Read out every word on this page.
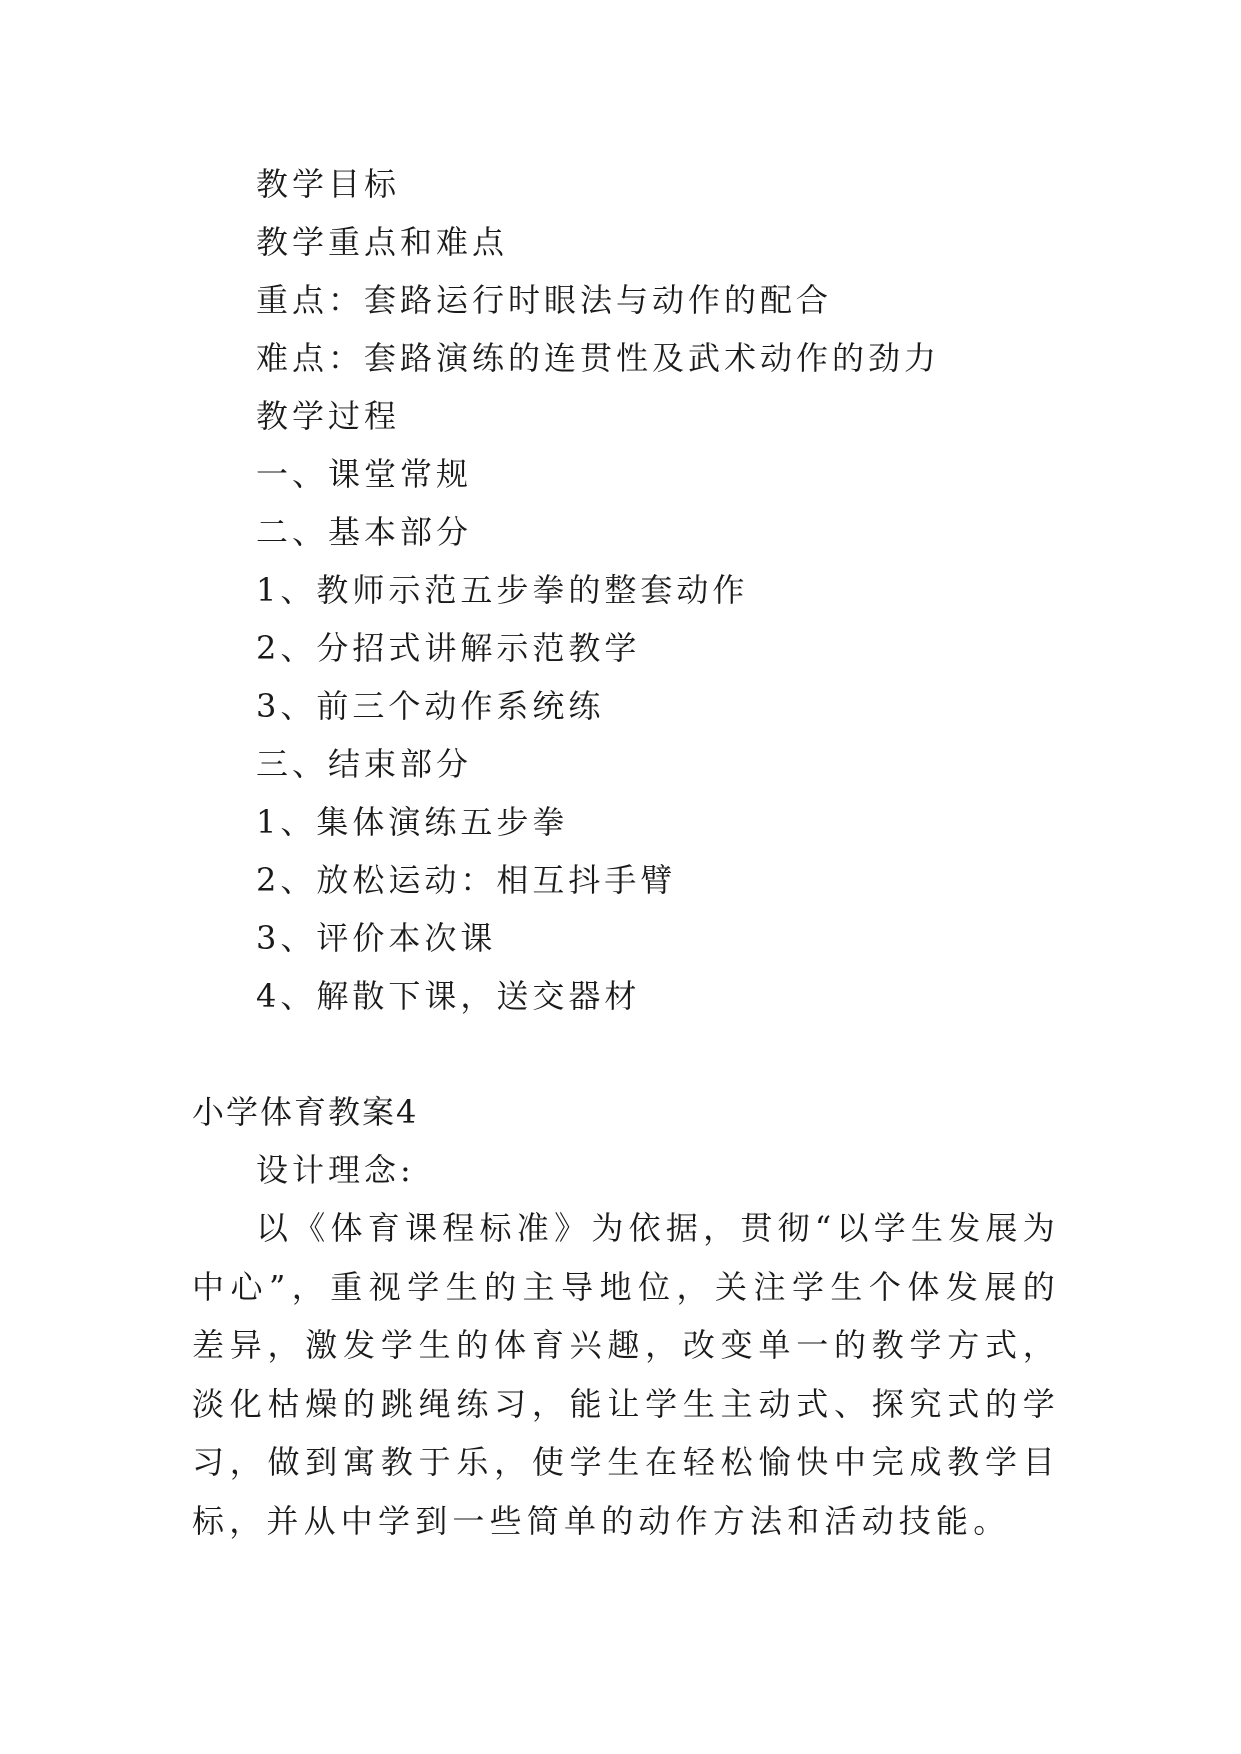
教学目标
教学重点和难点
重点：套路运行时眼法与动作的配合
难点：套路演练的连贯性及武术动作的劲力
教学过程
一、课堂常规
二、基本部分
1、教师示范五步拳的整套动作
2、分招式讲解示范教学
3、前三个动作系统练
三、结束部分
1、集体演练五步拳
2、放松运动：相互抖手臂
3、评价本次课
4、解散下课，送交器材
小学体育教案4
设计理念:
以《体育课程标准》为依据，贯彻“以学生发展为中心”，重视学生的主导地位，关注学生个体发展的差异，激发学生的体育兴趣，改变单一的教学方式，淡化枯燥的跳绳练习，能让学生主动式、探究式的学习，做到寓教于乐，使学生在轻松愉快中完成教学目标，并从中学到一些简单的动作方法和活动技能。
